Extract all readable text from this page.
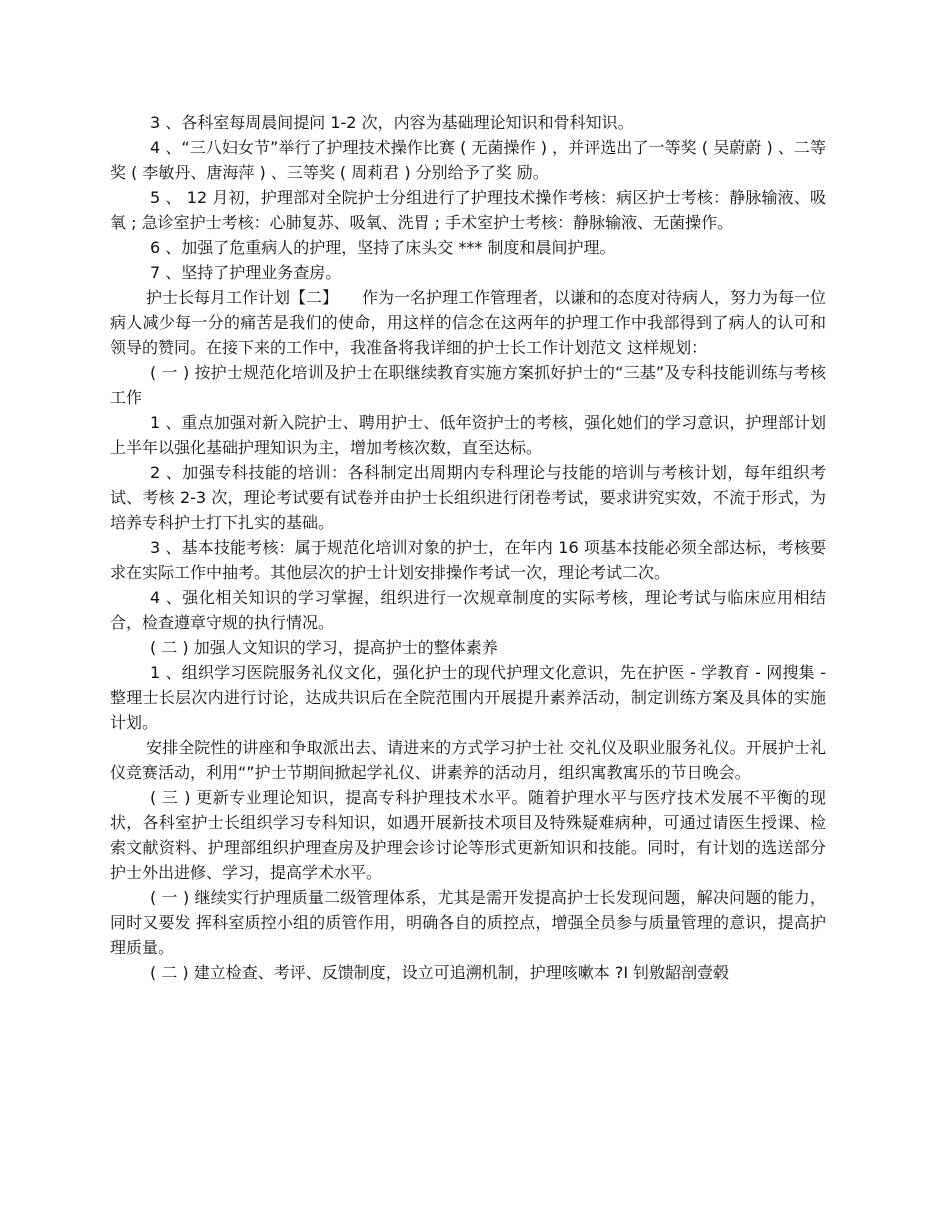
3 、各科室每周晨间提问 1-2 次，内容为基础理论知识和骨科知识。

4 、“三八妇女节”举行了护理技术操作比赛 ( 无菌操作 ) ，并评选出了一等奖 ( 吴蔚蔚 ) 、二等奖 ( 李敏丹、唐海萍 ) 、三等奖 ( 周莉君 ) 分别给予了奖 励。

5 、 12 月初，护理部对全院护士分组进行了护理技术操作考核：病区护士考核：静脉输液、吸氧 ; 急诊室护士考核：心肺复苏、吸氧、洗胃 ; 手术室护士考核：静脉输液、无菌操作。

6 、加强了危重病人的护理，坚持了床头交 *** 制度和晨间护理。

7 、坚持了护理业务查房。

护士长每月工作计划【二】　　作为一名护理工作管理者，以谦和的态度对待病人，努力为每一位病人减少每一分的痛苦是我们的使命，用这样的信念在这两年的护理工作中我部得到了病人的认可和领导的赞同。在接下来的工作中，我准备将我详细的护士长工作计划范文 这样规划：

( 一 ) 按护士规范化培训及护士在职继续教育实施方案抓好护士的“三基”及专科技能训练与考核工作

1 、重点加强对新入院护士、聘用护士、低年资护士的考核，强化她们的学习意识，护理部计划上半年以强化基础护理知识为主，增加考核次数，直至达标。

2 、加强专科技能的培训：各科制定出周期内专科理论与技能的培训与考核计划，每年组织考试、考核 2-3 次，理论考试要有试卷并由护士长组织进行闭卷考试，要求讲究实效，不流于形式，为培养专科护士打下扎实的基础。

3 、基本技能考核：属于规范化培训对象的护士，在年内 16 项基本技能必须全部达标，考核要求在实际工作中抽考。其他层次的护士计划安排操作考试一次，理论考试二次。

4 、强化相关知识的学习掌握，组织进行一次规章制度的实际考核，理论考试与临床应用相结合，检查遵章守规的执行情况。

( 二 ) 加强人文知识的学习，提高护士的整体素养

1 、组织学习医院服务礼仪文化，强化护士的现代护理文化意识，先在护医 - 学教育 - 网搜集 - 整理士长层次内进行讨论，达成共识后在全院范围内开展提升素养活动，制定训练方案及具体的实施计划。

安排全院性的讲座和争取派出去、请进来的方式学习护士社 交礼仪及职业服务礼仪。开展护士礼仪竞赛活动，利用“”护士节期间掀起学礼仪、讲素养的活动月，组织寓教寓乐的节日晚会。

( 三 ) 更新专业理论知识，提高专科护理技术水平。随着护理水平与医疗技术发展不平衡的现状，各科室护士长组织学习专科知识，如遇开展新技术项目及特殊疑难病种，可通过请医生授课、检索文献资料、护理部组织护理查房及护理会诊讨论等形式更新知识和技能。同时，有计划的选送部分护士外出进修、学习，提高学术水平。

( 一 ) 继续实行护理质量二级管理体系，尤其是需开发提高护士长发现问题，解决问题的能力，同时又要发 挥科室质控小组的质管作用，明确各自的质控点，增强全员参与质量管理的意识，提高护理质量。

( 二 ) 建立检查、考评、反馈制度，设立可追溯机制，护理咳嗽本 ?I 钊敫龆剖壹毂
